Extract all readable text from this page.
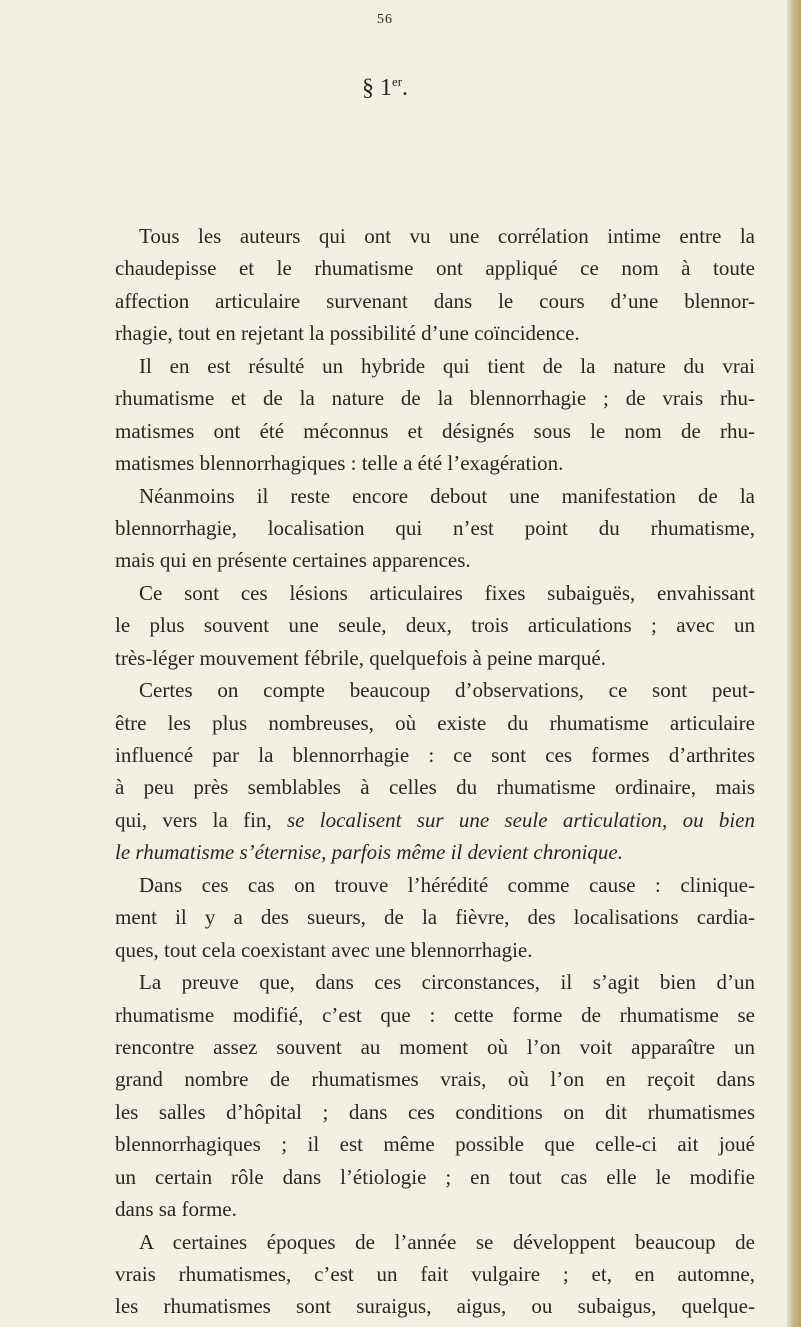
56
§ 1er.
Tous les auteurs qui ont vu une corrélation intime entre la
chaudepisse et le rhumatisme ont appliqué ce nom à toute
affection articulaire survenant dans le cours d’une blennor-
rhagie, tout en rejetant la possibilité d’une coïncidence.
Il en est résulté un hybride qui tient de la nature du vrai
rhumatisme et de la nature de la blennorrhagie ; de vrais rhu-
matismes ont été méconnus et désignés sous le nom de rhu-
matismes blennorrhagiques : telle a été l’exagération.
Néanmoins il reste encore debout une manifestation de la
blennorrhagie, localisation qui n’est point du rhumatisme,
mais qui en présente certaines apparences.
Ce sont ces lésions articulaires fixes subaiguës, envahissant
le plus souvent une seule, deux, trois articulations ; avec un
très-léger mouvement fébrile, quelquefois à peine marqué.
Certes on compte beaucoup d’observations, ce sont peut-
être les plus nombreuses, où existe du rhumatisme articulaire
influencé par la blennorrhagie : ce sont ces formes d’arthrites
à peu près semblables à celles du rhumatisme ordinaire, mais
qui, vers la fin, se localisent sur une seule articulation, ou bien
le rhumatisme s’éternise, parfois même il devient chronique.
Dans ces cas on trouve l’hérédité comme cause : clinique-
ment il y a des sueurs, de la fièvre, des localisations cardia-
ques, tout cela coexistant avec une blennorrhagie.
La preuve que, dans ces circonstances, il s’agit bien d’un
rhumatisme modifié, c’est que : cette forme de rhumatisme se
rencontre assez souvent au moment où l’on voit apparaître un
grand nombre de rhumatismes vrais, où l’on en reçoit dans
les salles d’hôpital ; dans ces conditions on dit rhumatismes
blennorrhagiques ; il est même possible que celle-ci ait joué
un certain rôle dans l’étiologie ; en tout cas elle le modifie
dans sa forme.
A certaines époques de l’année se développent beaucoup de
vrais rhumatismes, c’est un fait vulgaire ; et, en automne,
les rhumatismes sont suraigus, aigus, ou subaigus, quelque-
